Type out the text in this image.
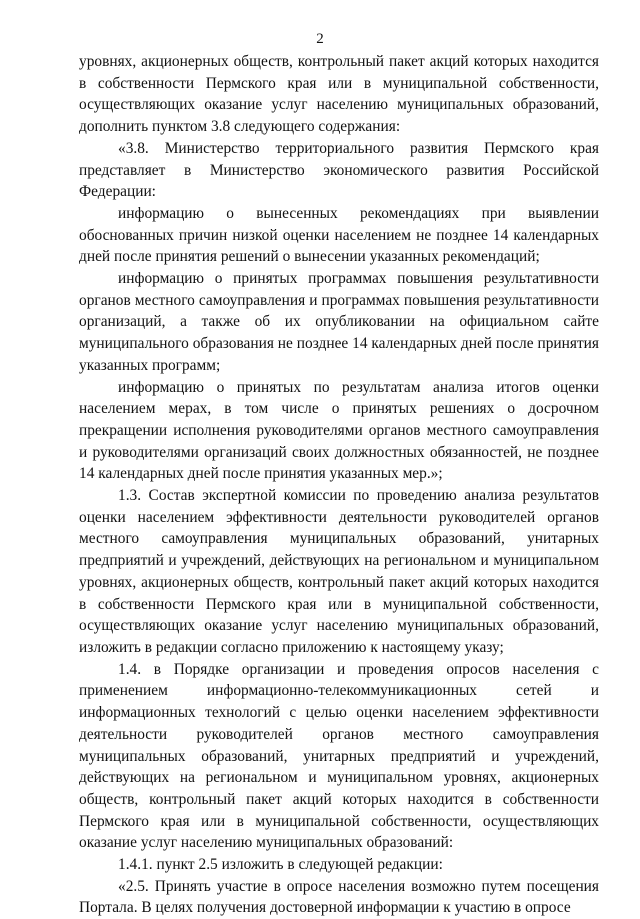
2

уровнях, акционерных обществ, контрольный пакет акций которых находится в собственности Пермского края или в муниципальной собственности, осуществляющих оказание услуг населению муниципальных образований, дополнить пунктом 3.8 следующего содержания:

«3.8. Министерство территориального развития Пермского края представляет в Министерство экономического развития Российской Федерации:

информацию о вынесенных рекомендациях при выявлении обоснованных причин низкой оценки населением не позднее 14 календарных дней после принятия решений о вынесении указанных рекомендаций;

информацию о принятых программах повышения результативности органов местного самоуправления и программах повышения результативности организаций, а также об их опубликовании на официальном сайте муниципального образования не позднее 14 календарных дней после принятия указанных программ;

информацию о принятых по результатам анализа итогов оценки населением мерах, в том числе о принятых решениях о досрочном прекращении исполнения руководителями органов местного самоуправления и руководителями организаций своих должностных обязанностей, не позднее 14 календарных дней после принятия указанных мер.»;

1.3. Состав экспертной комиссии по проведению анализа результатов оценки населением эффективности деятельности руководителей органов местного самоуправления муниципальных образований, унитарных предприятий и учреждений, действующих на региональном и муниципальном уровнях, акционерных обществ, контрольный пакет акций которых находится в собственности Пермского края или в муниципальной собственности, осуществляющих оказание услуг населению муниципальных образований, изложить в редакции согласно приложению к настоящему указу;

1.4. в Порядке организации и проведения опросов населения с применением информационно-телекоммуникационных сетей и информационных технологий с целью оценки населением эффективности деятельности руководителей органов местного самоуправления муниципальных образований, унитарных предприятий и учреждений, действующих на региональном и муниципальном уровнях, акционерных обществ, контрольный пакет акций которых находится в собственности Пермского края или в муниципальной собственности, осуществляющих оказание услуг населению муниципальных образований:

1.4.1. пункт 2.5 изложить в следующей редакции:

«2.5. Принять участие в опросе населения возможно путем посещения Портала. В целях получения достоверной информации к участию в опросе
